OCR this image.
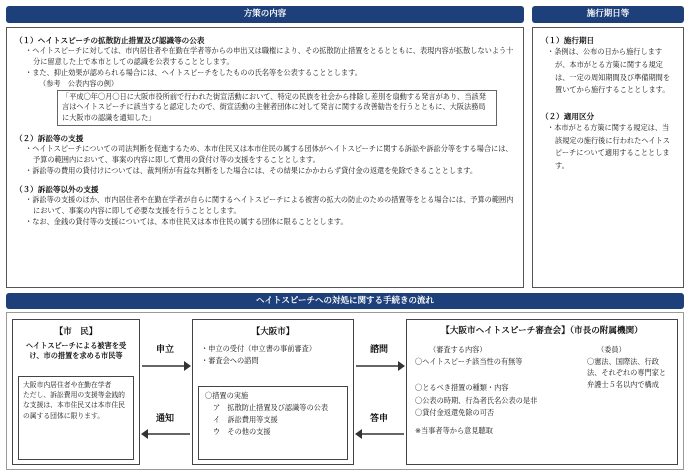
方策の内容	施行期日等
（１）ヘイトスピーチの拡散防止措置及び認識等の公表
・ヘイトスピーチに対しては、市内居住者や在勤在学者等からの申出又は職権により、その拡散防止措置をとるとともに、表現内容が拡散しないよう十分に留意した上で本市としての認識を公表することとします。
・また、抑止効果が認められる場合には、ヘイトスピーチをしたものの氏名等を公表することとします。
（参考　公表内容の例）
「平成〇年〇月〇日に大阪市役所前で行われた街宣活動において、特定の民族を社会から排除し差別を扇動する発言があり、当該発言はヘイトスピーチに該当すると認定したので、街宣活動の主催者団体に対して発言に関する改善勧告を行うとともに、大阪法務局に大阪市の認識を通知した」
（２）訴訟等の支援
・ヘイトスピーチについての司法判断を促進するため、本市住民又は本市住民の属する団体がヘイトスピーチに関する訴訟や訴訟分等をする場合には、予算の範囲内において、事案の内容に即して費用の貸付け等の支援をすることとします。
・訴訟等の費用の貸付けについては、裁判所が有益な判断をした場合には、その結果にかかわらず貸付金の返還を免除できることとします。
（３）訴訟等以外の支援
・訴訟等の支援のほか、市内居住者や在勤在学者が自らに関するヘイトスピーチによる被害の拡大の防止のための措置等をとる場合には、予算の範囲内において、事案の内容に即して必要な支援を行うこととします。
・なお、金銭の貸付等の支援については、本市住民又は本市住民の属する団体に限ることとします。
（１）施行期日
・条例は、公布の日から施行しますが、本市がとる方策に関する規定は、一定の周知期間及び準備期間を置いてから施行することとします。
（２）適用区分
・本市がとる方策に関する規定は、当該規定の施行後に行われたヘイトスピーチについて適用することとします。
ヘイトスピーチへの対処に関する手続きの流れ
【市　民】
ヘイトスピーチによる被害を受け、市の措置を求める市民等
大阪市内居住者や在勤在学者
ただし、訴訟費用の支援等金銭的な支援は、本市住民又は本市住民の属する団体に限ります。
申立
通知
【大阪市】
・申立の受付（申立書の事前審査）
・審査会への諮問
〇措置の実施
ア　拡散防止措置及び認識等の公表
イ　訴訟費用等支援
ウ　その他の支援
諮問
答申
【大阪市ヘイトスピーチ審査会】（市長の附属機関）
（審査する内容）
〇ヘイトスピーチ該当性の有無等
〇とるべき措置の種類・内容
〇公表の時期、行為者氏名公表の是非
〇貸付金返還免除の可否
※当事者等から意見聴取
（委員）
〇憲法、国際法、行政法、それぞれの専門家と弁護士５名以内で構成
